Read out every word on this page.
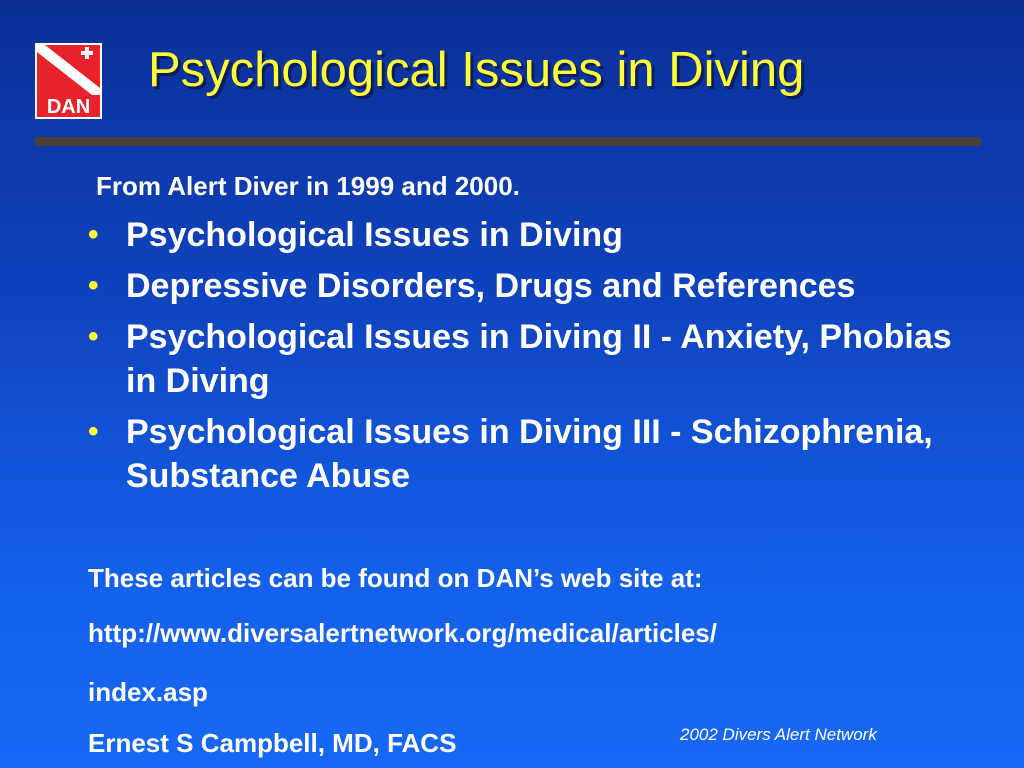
DAN
Psychological Issues in Diving
From Alert Diver in 1999 and 2000.
• Psychological Issues in Diving
• Depressive Disorders, Drugs and References
• Psychological Issues in Diving II - Anxiety, Phobias in Diving
• Psychological Issues in Diving III - Schizophrenia, Substance Abuse
These articles can be found on DAN’s web site at:
http://www.diversalertnetwork.org/medical/articles/
index.asp
Ernest S Campbell, MD, FACS	2002 Divers Alert Network
